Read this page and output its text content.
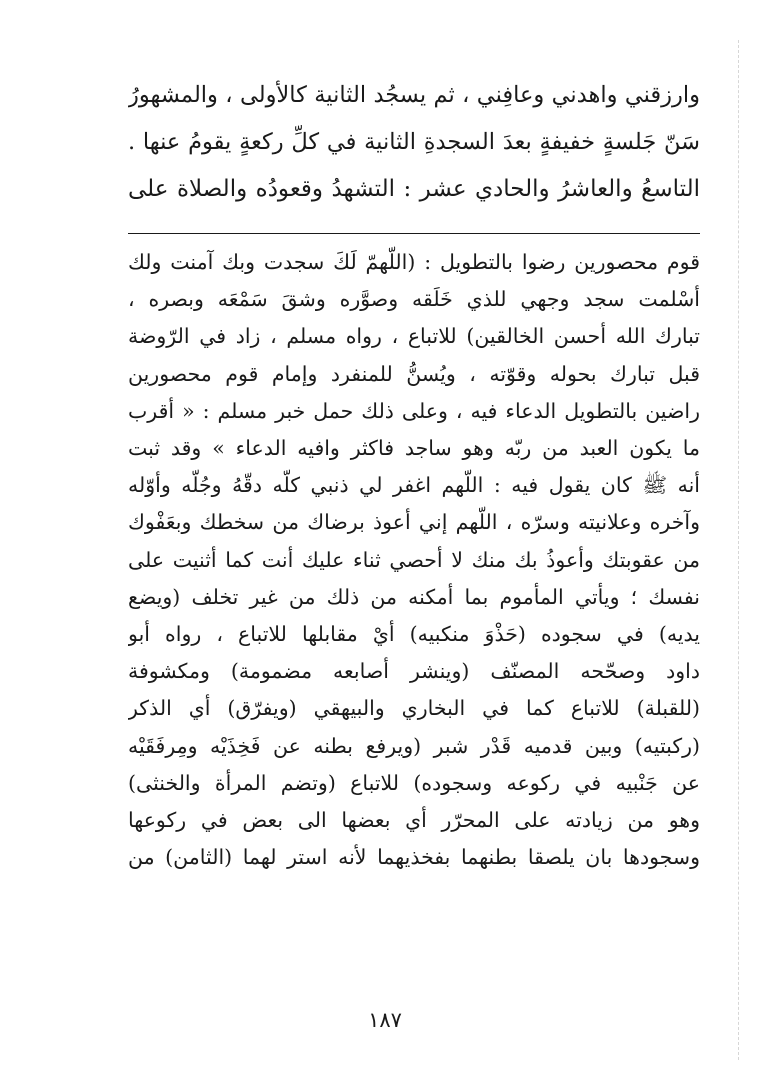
وارزقني واهدني وعافِني ، ثم يسجُد الثانية كالأولى ، والمشهورُ
سَنّ جَلسةٍ خفيفةٍ بعدَ السجدةِ الثانية في كلِّ ركعةٍ يقومُ عنها .
التاسعُ والعاشرُ والحادي عشر : التشهدُ وقعودُه والصلاة على
قوم محصورين رضوا بالتطويل : (اللّهمّ لَكَ سجدت وبك آمنت ولك
أسْلمت سجد وجهي للذي خَلَقه وصوَّره وشقَ سَمْعَه وبصره ،
تبارك الله أحسن الخالقين) للاتباع ، رواه مسلم ، زاد في الرّوضة
قبل تبارك بحوله وقوّته ، ويُسنُّ للمنفرد وإمام قوم محصورين
راضين بالتطويل الدعاء فيه ، وعلى ذلك حمل خبر مسلم : « أقرب
ما يكون العبد من ربّه وهو ساجد فاكثر وافيه الدعاء » وقد ثبت
أنه ﷺ كان يقول فيه : اللّهم اغفر لي ذنبي كلّه دقّهُ وجُلّه وأوّله
وآخره وعلانيته وسرّه ، اللّهم إني أعوذ برضاك من سخطك وبعَفْوك
من عقوبتك وأعوذُ بك منك لا أحصي ثناء عليك أنت كما أثنيت على
نفسك ؛ ويأتي المأموم بما أمكنه من ذلك من غير تخلف (ويضع
يديه) في سجوده (حَذْوَ منكبيه) أيْ مقابلها للاتباع ، رواه أبو
داود وصحّحه المصنّف (وينشر أصابعه مضمومة) ومكشوفة
(للقبلة) للاتباع كما في البخاري والبيهقي (ويفرّق) أي الذكر
(ركبتيه) وبين قدميه قَدْر شبر (ويرفع بطنه عن فَخِذَيْه ومِرفَقَيْه
عن جَنْبيه في ركوعه وسجوده) للاتباع (وتضم المرأة والخنثى)
وهو من زيادته على المحرّر أي بعضها الى بعض في ركوعها
وسجودها بان يلصقا بطنهما بفخذيهما لأنه استر لهما (الثامن) من
١٨٧
